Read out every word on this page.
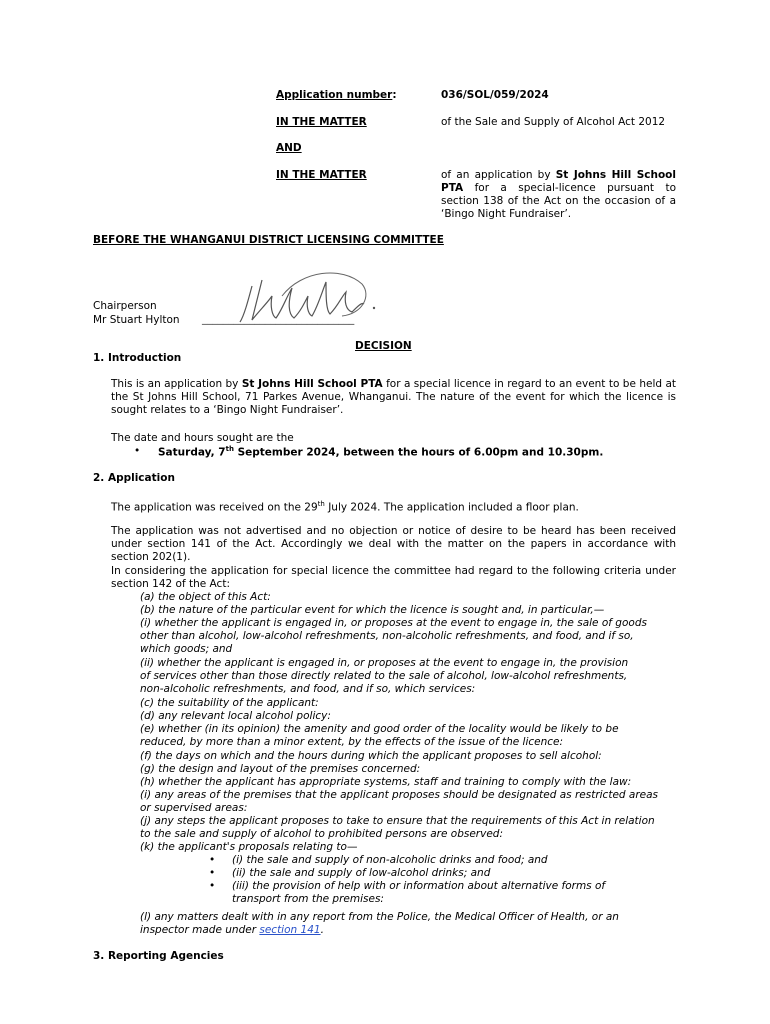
Application number:	036/SOL/059/2024
IN THE MATTER	of the Sale and Supply of Alcohol Act 2012
AND
IN THE MATTER	of an application by St Johns Hill School PTA for a special-licence pursuant to section 138 of the Act on the occasion of a ‘Bingo Night Fundraiser’.
BEFORE THE WHANGANUI DISTRICT LICENSING COMMITTEE
Chairperson
Mr Stuart Hylton _____________________________
DECISION
1. Introduction
This is an application by St Johns Hill School PTA for a special licence in regard to an event to be held at the St Johns Hill School, 71 Parkes Avenue, Whanganui. The nature of the event for which the licence is sought relates to a ‘Bingo Night Fundraiser’.
The date and hours sought are the
• Saturday, 7th September 2024, between the hours of 6.00pm and 10.30pm.
2. Application
The application was received on the 29th July 2024. The application included a floor plan.
The application was not advertised and no objection or notice of desire to be heard has been received under section 141 of the Act. Accordingly we deal with the matter on the papers in accordance with section 202(1).
In considering the application for special licence the committee had regard to the following criteria under section 142 of the Act:
(a) the object of this Act:
(b) the nature of the particular event for which the licence is sought and, in particular,—
(i) whether the applicant is engaged in, or proposes at the event to engage in, the sale of goods other than alcohol, low-alcohol refreshments, non-alcoholic refreshments, and food, and if so, which goods; and
(ii) whether the applicant is engaged in, or proposes at the event to engage in, the provision of services other than those directly related to the sale of alcohol, low-alcohol refreshments, non-alcoholic refreshments, and food, and if so, which services:
(c) the suitability of the applicant:
(d) any relevant local alcohol policy:
(e) whether (in its opinion) the amenity and good order of the locality would be likely to be reduced, by more than a minor extent, by the effects of the issue of the licence:
(f) the days on which and the hours during which the applicant proposes to sell alcohol:
(g) the design and layout of the premises concerned:
(h) whether the applicant has appropriate systems, staff and training to comply with the law:
(i) any areas of the premises that the applicant proposes should be designated as restricted areas or supervised areas:
(j) any steps the applicant proposes to take to ensure that the requirements of this Act in relation to the sale and supply of alcohol to prohibited persons are observed:
(k) the applicant's proposals relating to—
• (i) the sale and supply of non-alcoholic drinks and food; and
• (ii) the sale and supply of low-alcohol drinks; and
• (iii) the provision of help with or information about alternative forms of transport from the premises:
(l) any matters dealt with in any report from the Police, the Medical Officer of Health, or an inspector made under section 141.
3. Reporting Agencies
